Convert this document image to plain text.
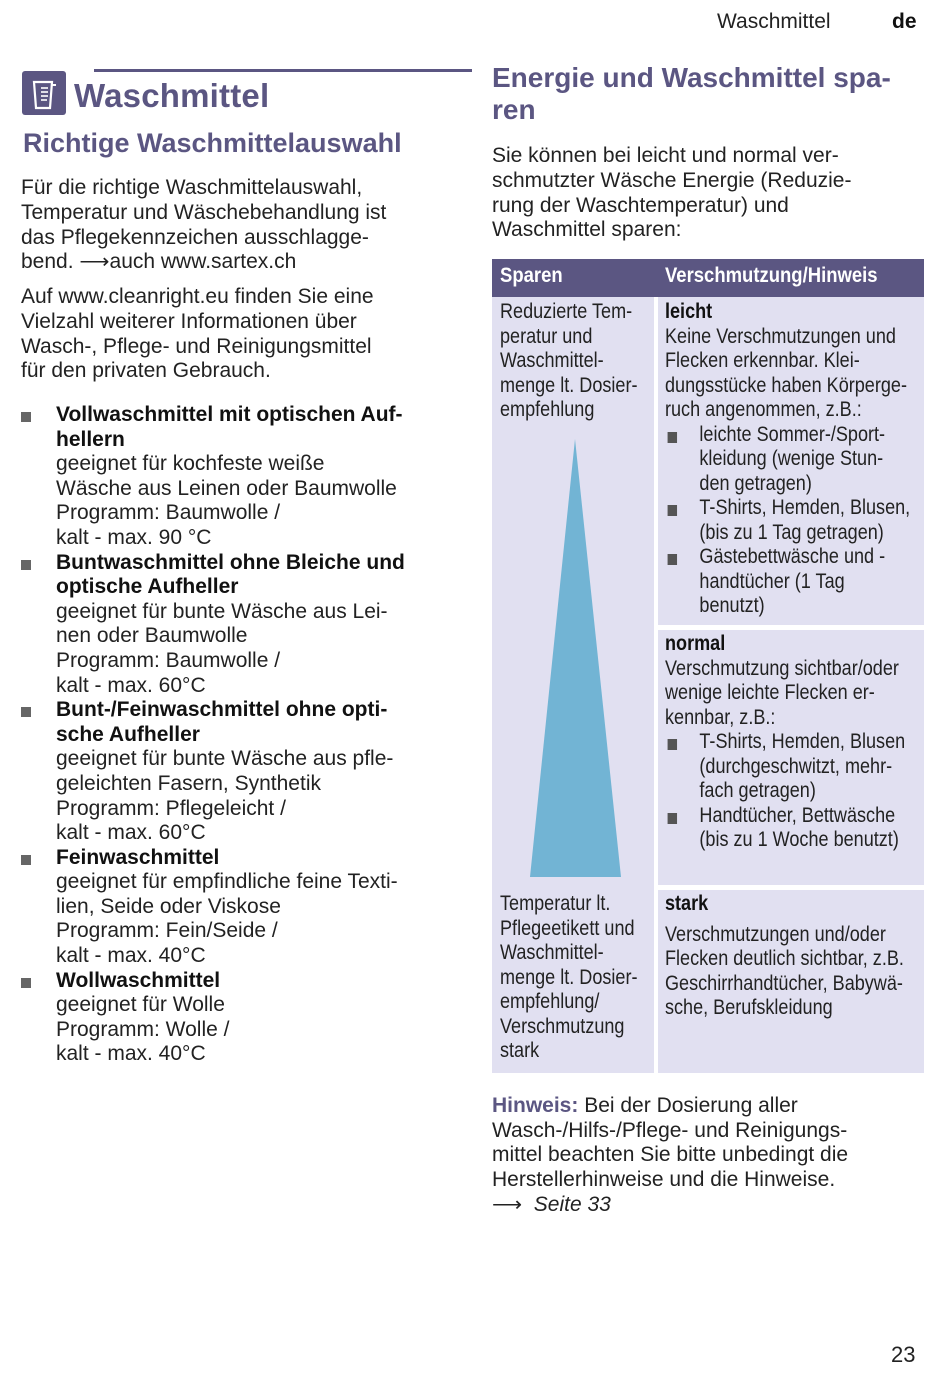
Waschmittel	de
Waschmittel
Richtige Waschmittelauswahl
Für die richtige Waschmittelauswahl,
Temperatur und Wäschebehandlung ist
das Pflegekennzeichen ausschlagge-
bend. ⟶auch www.sartex.ch
Auf www.cleanright.eu finden Sie eine
Vielzahl weiterer Informationen über
Wasch-, Pflege- und Reinigungsmittel
für den privaten Gebrauch.
Vollwaschmittel mit optischen Auf-
hellern
geeignet für kochfeste weiße
Wäsche aus Leinen oder Baumwolle
Programm: Baumwolle /
kalt - max. 90 °C
Buntwaschmittel ohne Bleiche und
optische Aufheller
geeignet für bunte Wäsche aus Lei-
nen oder Baumwolle
Programm: Baumwolle /
kalt - max. 60°C
Bunt-/Feinwaschmittel ohne opti-
sche Aufheller
geeignet für bunte Wäsche aus pfle-
geleichten Fasern, Synthetik
Programm: Pflegeleicht /
kalt - max. 60°C
Feinwaschmittel
geeignet für empfindliche feine Texti-
lien, Seide oder Viskose
Programm: Fein/Seide /
kalt - max. 40°C
Wollwaschmittel
geeignet für Wolle
Programm: Wolle /
kalt - max. 40°C
Energie und Waschmittel spa-
ren
Sie können bei leicht und normal ver-
schmutzter Wäsche Energie (Reduzie-
rung der Waschtemperatur) und
Waschmittel sparen:
Sparen	Verschmutzung/Hinweis
Reduzierte Tem-
peratur und
Waschmittel-
menge lt. Dosier-
empfehlung
Temperatur lt.
Pflegeetikett und
Waschmittel-
menge lt. Dosier-
empfehlung/
Verschmutzung
stark
leicht
Keine Verschmutzungen und
Flecken erkennbar. Klei-
dungsstücke haben Körperge-
ruch angenommen, z.B.:
leichte Sommer-/Sport-
kleidung (wenige Stun-
den getragen)
T-Shirts, Hemden, Blusen,
(bis zu 1 Tag getragen)
Gästebettwäsche und -
handtücher (1 Tag
benutzt)
normal
Verschmutzung sichtbar/oder
wenige leichte Flecken er-
kennbar, z.B.:
T-Shirts, Hemden, Blusen
(durchgeschwitzt, mehr-
fach getragen)
Handtücher, Bettwäsche
(bis zu 1 Woche benutzt)
stark
Verschmutzungen und/oder
Flecken deutlich sichtbar, z.B.
Geschirrhandtücher, Babywä-
sche, Berufskleidung
Hinweis: Bei der Dosierung aller
Wasch-/Hilfs-/Pflege- und Reinigungs-
mittel beachten Sie bitte unbedingt die
Herstellerhinweise und die Hinweise.
⟶ Seite 33
23
